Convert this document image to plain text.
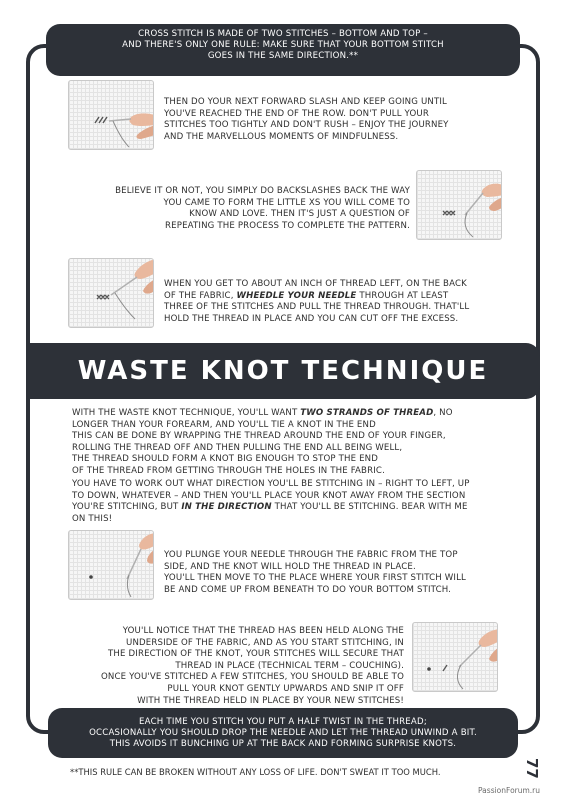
CROSS STITCH IS MADE OF TWO STITCHES – BOTTOM AND TOP –
AND THERE'S ONLY ONE RULE: MAKE SURE THAT YOUR BOTTOM STITCH
GOES IN THE SAME DIRECTION.**
THEN DO YOUR NEXT FORWARD SLASH AND KEEP GOING UNTIL
YOU'VE REACHED THE END OF THE ROW. DON'T PULL YOUR
STITCHES TOO TIGHTLY AND DON'T RUSH – ENJOY THE JOURNEY
AND THE MARVELLOUS MOMENTS OF MINDFULNESS.
BELIEVE IT OR NOT, YOU SIMPLY DO BACKSLASHES BACK THE WAY
YOU CAME TO FORM THE LITTLE XS YOU WILL COME TO
KNOW AND LOVE. THEN IT'S JUST A QUESTION OF
REPEATING THE PROCESS TO COMPLETE THE PATTERN.
WHEN YOU GET TO ABOUT AN INCH OF THREAD LEFT, ON THE BACK
OF THE FABRIC, WHEEDLE YOUR NEEDLE THROUGH AT LEAST
THREE OF THE STITCHES AND PULL THE THREAD THROUGH. THAT'LL
HOLD THE THREAD IN PLACE AND YOU CAN CUT OFF THE EXCESS.
WASTE KNOT TECHNIQUE
WITH THE WASTE KNOT TECHNIQUE, YOU'LL WANT TWO STRANDS OF THREAD, NO
LONGER THAN YOUR FOREARM, AND YOU'LL TIE A KNOT IN THE END
THIS CAN BE DONE BY WRAPPING THE THREAD AROUND THE END OF YOUR FINGER,
ROLLING THE THREAD OFF AND THEN PULLING THE END ALL BEING WELL,
THE THREAD SHOULD FORM A KNOT BIG ENOUGH TO STOP THE END
OF THE THREAD FROM GETTING THROUGH THE HOLES IN THE FABRIC.
YOU HAVE TO WORK OUT WHAT DIRECTION YOU'LL BE STITCHING IN – RIGHT TO LEFT, UP
TO DOWN, WHATEVER – AND THEN YOU'LL PLACE YOUR KNOT AWAY FROM THE SECTION
YOU'RE STITCHING, BUT IN THE DIRECTION THAT YOU'LL BE STITCHING. BEAR WITH ME
ON THIS!
YOU PLUNGE YOUR NEEDLE THROUGH THE FABRIC FROM THE TOP
SIDE, AND THE KNOT WILL HOLD THE THREAD IN PLACE.
YOU'LL THEN MOVE TO THE PLACE WHERE YOUR FIRST STITCH WILL
BE AND COME UP FROM BENEATH TO DO YOUR BOTTOM STITCH.
YOU'LL NOTICE THAT THE THREAD HAS BEEN HELD ALONG THE
UNDERSIDE OF THE FABRIC, AND AS YOU START STITCHING, IN
THE DIRECTION OF THE KNOT, YOUR STITCHES WILL SECURE THAT
THREAD IN PLACE (TECHNICAL TERM – COUCHING).
ONCE YOU'VE STITCHED A FEW STITCHES, YOU SHOULD BE ABLE TO
PULL YOUR KNOT GENTLY UPWARDS AND SNIP IT OFF
WITH THE THREAD HELD IN PLACE BY YOUR NEW STITCHES!
EACH TIME YOU STITCH YOU PUT A HALF TWIST IN THE THREAD;
OCCASIONALLY YOU SHOULD DROP THE NEEDLE AND LET THE THREAD UNWIND A BIT.
THIS AVOIDS IT BUNCHING UP AT THE BACK AND FORMING SURPRISE KNOTS.
**THIS RULE CAN BE BROKEN WITHOUT ANY LOSS OF LIFE. DON'T SWEAT IT TOO MUCH.	77
PassionForum.ru
